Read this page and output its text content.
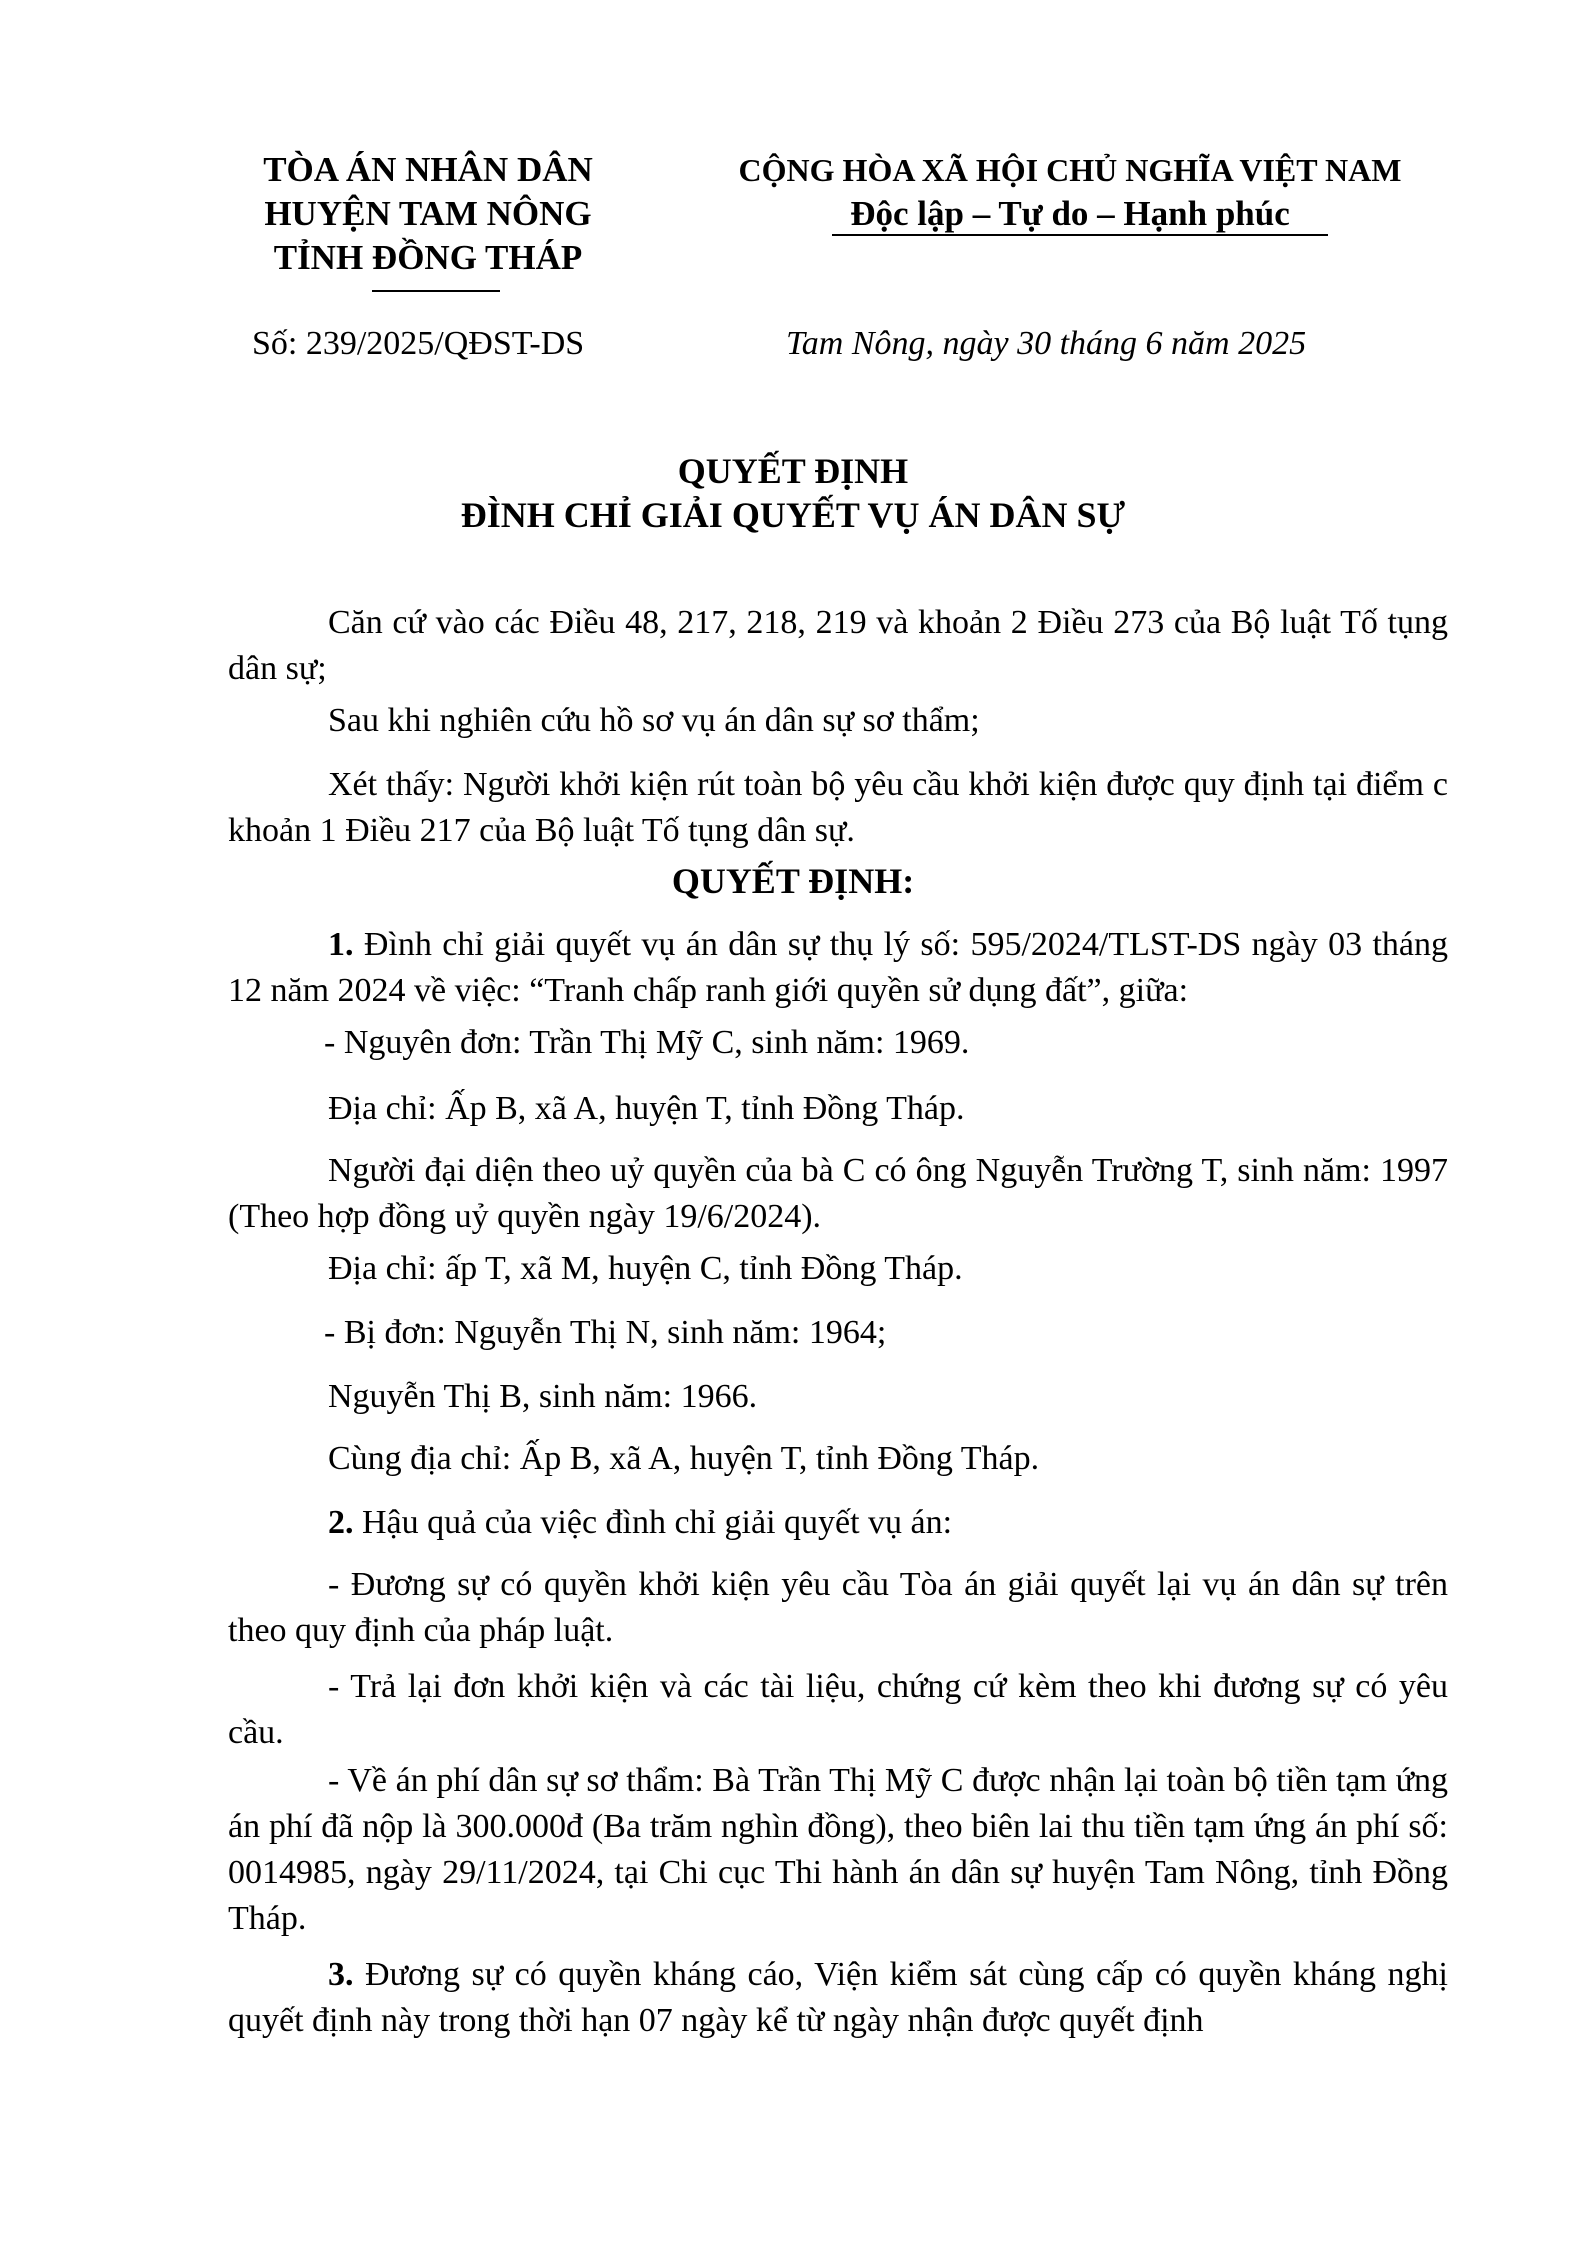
TÒA ÁN NHÂN DÂN
HUYỆN TAM NÔNG
TỈNH ĐỒNG THÁP
CỘNG HÒA XÃ HỘI CHỦ NGHĨA VIỆT NAM
Độc lập – Tự do – Hạnh phúc
Số: 239/2025/QĐST-DS	Tam Nông, ngày 30 tháng 6 năm 2025
QUYẾT ĐỊNH
ĐÌNH CHỈ GIẢI QUYẾT VỤ ÁN DÂN SỰ
Căn cứ vào các Điều 48, 217, 218, 219 và khoản 2 Điều 273 của Bộ luật Tố tụng dân sự;
Sau khi nghiên cứu hồ sơ vụ án dân sự sơ thẩm;
Xét thấy: Người khởi kiện rút toàn bộ yêu cầu khởi kiện được quy định tại điểm c khoản 1 Điều 217 của Bộ luật Tố tụng dân sự.
QUYẾT ĐỊNH:
1. Đình chỉ giải quyết vụ án dân sự thụ lý số: 595/2024/TLST-DS ngày 03 tháng 12 năm 2024 về việc: “Tranh chấp ranh giới quyền sử dụng đất”, giữa:
- Nguyên đơn: Trần Thị Mỹ C, sinh năm: 1969.
Địa chỉ: Ấp B, xã A, huyện T, tỉnh Đồng Tháp.
Người đại diện theo uỷ quyền của bà C có ông Nguyễn Trường T, sinh năm: 1997 (Theo hợp đồng uỷ quyền ngày 19/6/2024).
Địa chỉ: ấp T, xã M, huyện C, tỉnh Đồng Tháp.
- Bị đơn: Nguyễn Thị N, sinh năm: 1964;
Nguyễn Thị B, sinh năm: 1966.
Cùng địa chỉ: Ấp B, xã A, huyện T, tỉnh Đồng Tháp.
2. Hậu quả của việc đình chỉ giải quyết vụ án:
- Đương sự có quyền khởi kiện yêu cầu Tòa án giải quyết lại vụ án dân sự trên theo quy định của pháp luật.
- Trả lại đơn khởi kiện và các tài liệu, chứng cứ kèm theo khi đương sự có yêu cầu.
- Về án phí dân sự sơ thẩm: Bà Trần Thị Mỹ C được nhận lại toàn bộ tiền tạm ứng án phí đã nộp là 300.000đ (Ba trăm nghìn đồng), theo biên lai thu tiền tạm ứng án phí số: 0014985, ngày 29/11/2024, tại Chi cục Thi hành án dân sự huyện Tam Nông, tỉnh Đồng Tháp.
3. Đương sự có quyền kháng cáo, Viện kiểm sát cùng cấp có quyền kháng nghị quyết định này trong thời hạn 07 ngày kể từ ngày nhận được quyết định
